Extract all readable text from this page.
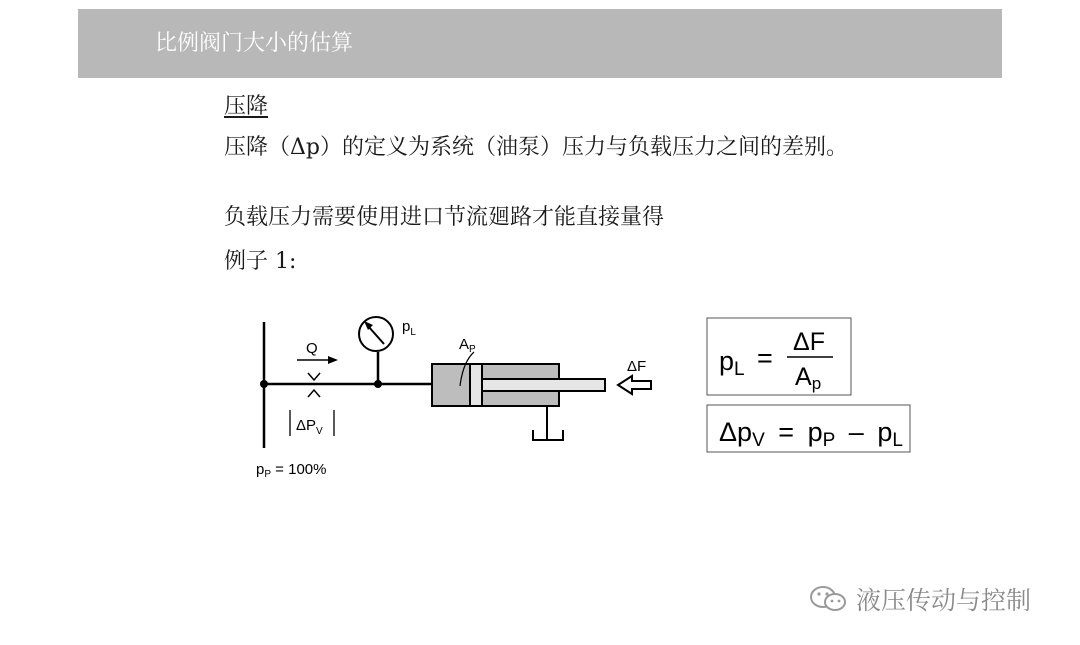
比例阀门大小的估算
压降
压降（Δp）的定义为系统（油泵）压力与负载压力之间的差别。
负载压力需要使用进口节流廻路才能直接量得
例子 1:
Q
$p_L$
$A_P$
$\Delta P_V$
ΔF
$p_P = 100\%$
pL =
ΔF
Ap
ΔpV = pP – pL
液压传动与控制
